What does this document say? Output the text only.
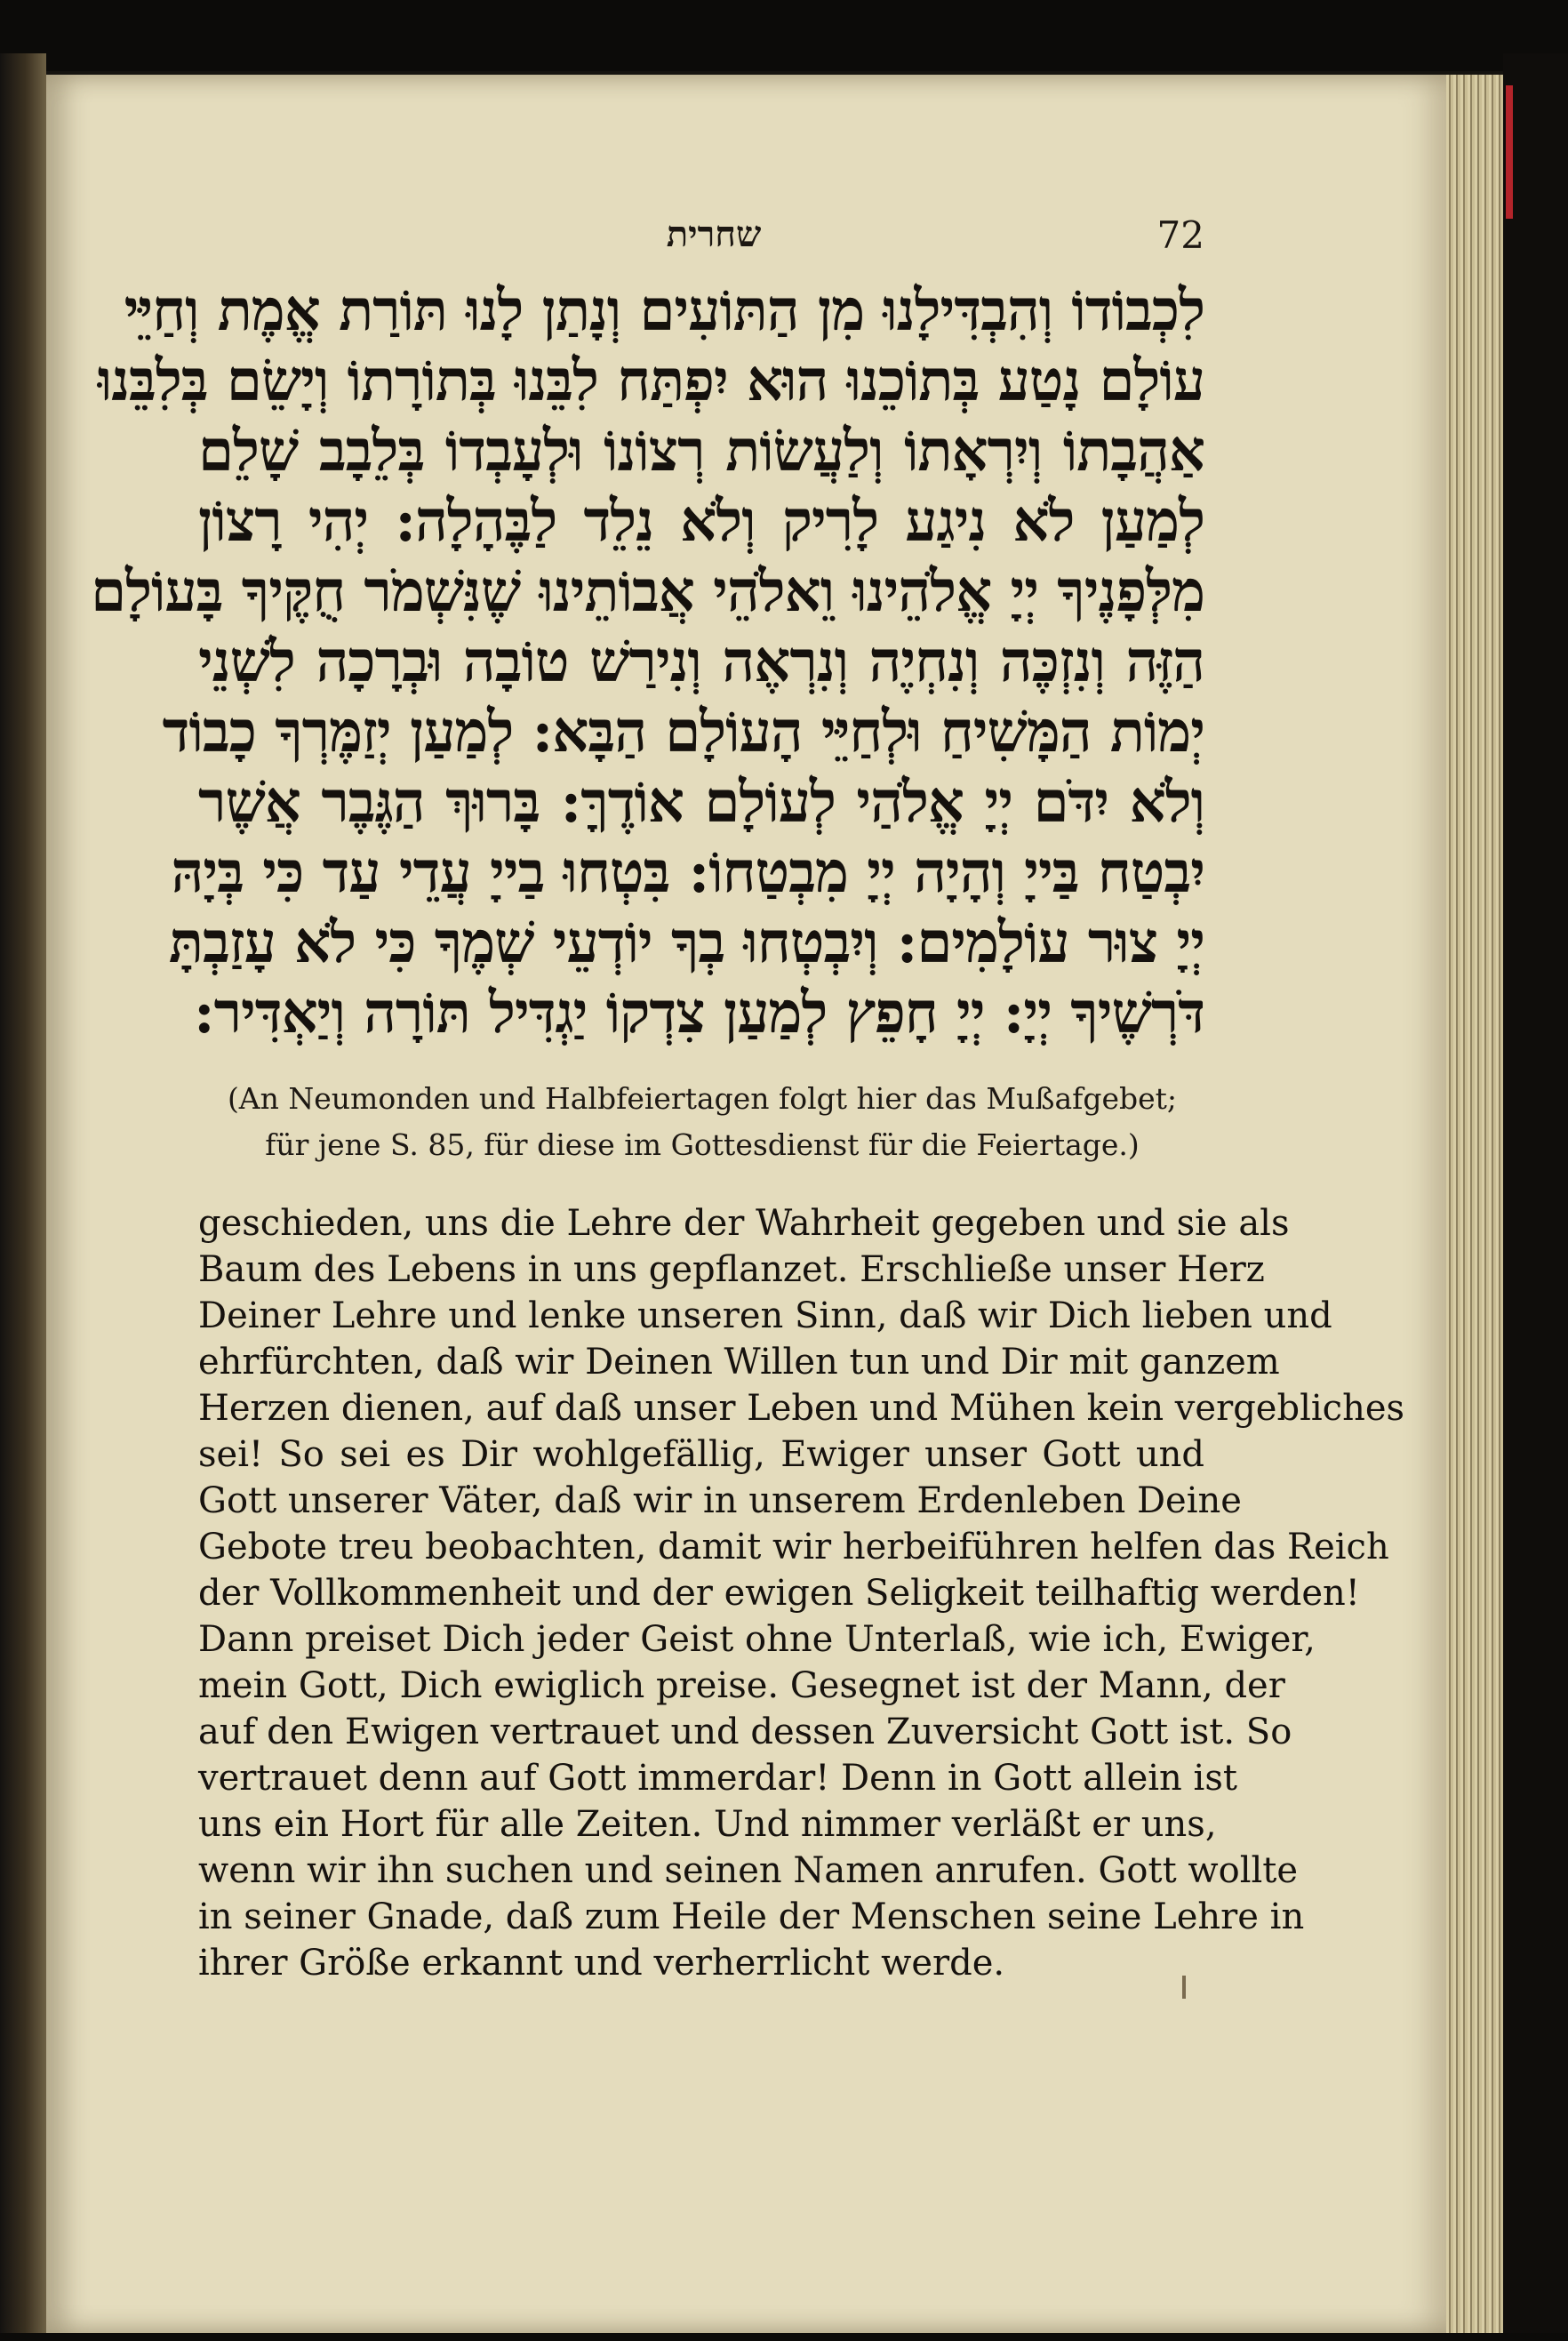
שחרית	72
לִכְבוֹדוֹ וְהִבְדִּילָנוּ מִן הַתּוֹעִים וְנָתַן לָנוּ תּוֹרַת אֱמֶת וְחַיֵּי
עוֹלָם נָטַע בְּתוֹכֵנוּ הוּא יִפְתַּח לִבֵּנוּ בְּתוֹרָתוֹ וְיָשֵׂם בְּלִבֵּנוּ
אַהֲבָתוֹ וְיִרְאָתוֹ וְלַעֲשׂוֹת רְצוֹנוֹ וּלְעָבְדוֹ בְּלֵבָב שָׁלֵם
לְמַעַן לֹא נִיגַע לָרִיק וְלֹא נֵלֵד לַבֶּהָלָה: יְהִי רָצוֹן
מִלְּפָנֶיךָ יְיָ אֱלֹהֵינוּ וֵאלֹהֵי אֲבוֹתֵינוּ שֶׁנִּשְׁמֹר חֻקֶּיךָ בָּעוֹלָם
הַזֶּה וְנִזְכֶּה וְנִחְיֶה וְנִרְאֶה וְנִירַשׁ טוֹבָה וּבְרָכָה לִשְׁנֵי
יְמוֹת הַמָּשִׁיחַ וּלְחַיֵּי הָעוֹלָם הַבָּא: לְמַעַן יְזַמֶּרְךָ כָבוֹד
וְלֹא יִדֹּם יְיָ אֱלֹהַי לְעוֹלָם אוֹדֶךָּ: בָּרוּךְ הַגֶּבֶר אֲשֶׁר
יִבְטַח בַּייָ וְהָיָה יְיָ מִבְטַחוֹ: בִּטְחוּ בַייָ עֲדֵי עַד כִּי בְּיָהּ
יְיָ צוּר עוֹלָמִים: וְיִבְטְחוּ בְךָ יוֹדְעֵי שְׁמֶךָ כִּי לֹא עָזַבְתָּ
דֹּרְשֶׁיךָ יְיָ: יְיָ חָפֵץ לְמַעַן צִדְקוֹ יַגְדִּיל תּוֹרָה וְיַאְדִּיר:
(An Neumonden und Halbfeiertagen folgt hier das Mußafgebet;
für jene S. 85, für diese im Gottesdienst für die Feiertage.)
geschieden, uns die Lehre der Wahrheit gegeben und sie als
Baum des Lebens in uns gepflanzet. Erschließe unser Herz
Deiner Lehre und lenke unseren Sinn, daß wir Dich lieben und
ehrfürchten, daß wir Deinen Willen tun und Dir mit ganzem
Herzen dienen, auf daß unser Leben und Mühen kein vergebliches
sei! So sei es Dir wohlgefällig, Ewiger unser Gott und
Gott unserer Väter, daß wir in unserem Erdenleben Deine
Gebote treu beobachten, damit wir herbeiführen helfen das Reich
der Vollkommenheit und der ewigen Seligkeit teilhaftig werden!
Dann preiset Dich jeder Geist ohne Unterlaß, wie ich, Ewiger,
mein Gott, Dich ewiglich preise. Gesegnet ist der Mann, der
auf den Ewigen vertrauet und dessen Zuversicht Gott ist. So
vertrauet denn auf Gott immerdar! Denn in Gott allein ist
uns ein Hort für alle Zeiten. Und nimmer verläßt er uns,
wenn wir ihn suchen und seinen Namen anrufen. Gott wollte
in seiner Gnade, daß zum Heile der Menschen seine Lehre in
ihrer Größe erkannt und verherrlicht werde.
